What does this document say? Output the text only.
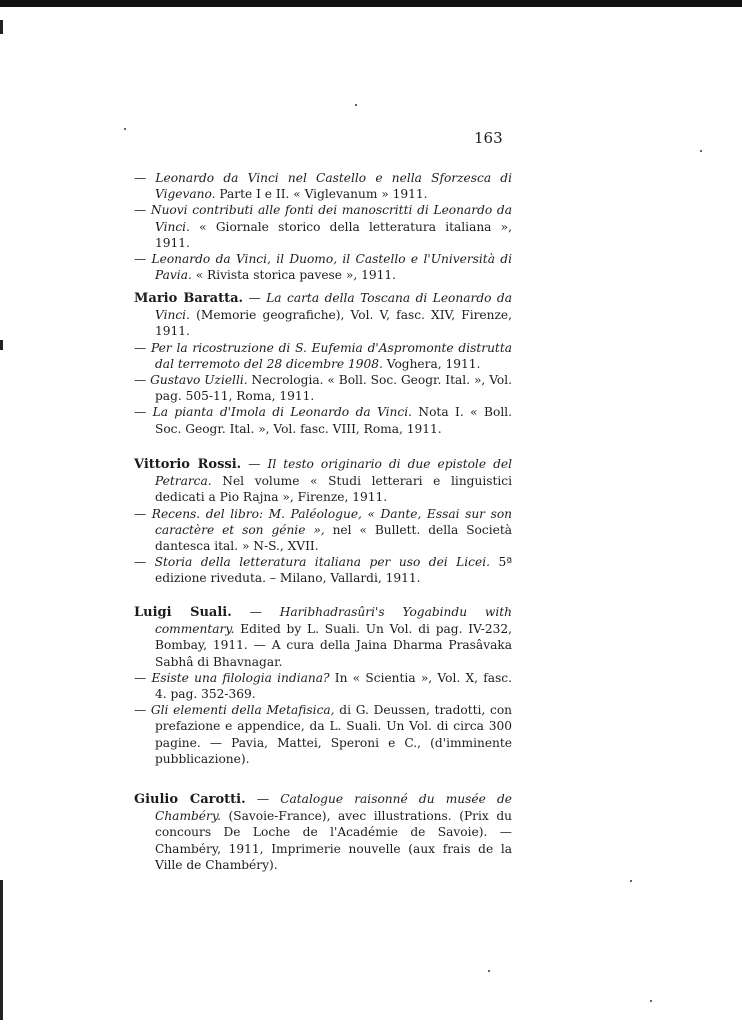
163
— Leonardo da Vinci nel Castello e nella Sforzesca di Vigevano. Parte I e II. « Viglevanum » 1911.
— Nuovi contributi alle fonti dei manoscritti di Leonardo da Vinci. « Giornale storico della letteratura italiana », 1911.
— Leonardo da Vinci, il Duomo, il Castello e l'Università di Pavia. « Rivista storica pavese », 1911.
Mario Baratta. — La carta della Toscana di Leonardo da Vinci. (Memorie geografiche), Vol. V, fasc. XIV, Firenze, 1911.
— Per la ricostruzione di S. Eufemia d'Aspromonte distrutta dal terremoto del 28 dicembre 1908. Voghera, 1911.
— Gustavo Uzielli. Necrologia. « Boll. Soc. Geogr. Ital. », Vol. pag. 505-11, Roma, 1911.
— La pianta d'Imola di Leonardo da Vinci. Nota I. « Boll. Soc. Geogr. Ital. », Vol. fasc. VIII, Roma, 1911.
Vittorio Rossi. — Il testo originario di due epistole del Petrarca. Nel volume « Studi letterari e linguistici dedicati a Pio Rajna », Firenze, 1911.
— Recens. del libro: M. Paléologue, « Dante, Essai sur son caractère et son génie », nel « Bullett. della Società dantesca ital. » N-S., XVII.
— Storia della letteratura italiana per uso dei Licei. 5ª edizione riveduta. – Milano, Vallardi, 1911.
Luigi Suali. — Haribhadrasûri's Yogabindu with commentary. Edited by L. Suali. Un Vol. di pag. IV-232, Bombay, 1911. — A cura della Jaina Dharma Prasâvaka Sabhâ di Bhavnagar.
— Esiste una filologia indiana? In « Scientia », Vol. X, fasc. 4. pag. 352-369.
— Gli elementi della Metafisica, di G. Deussen, tradotti, con prefazione e appendice, da L. Suali. Un Vol. di circa 300 pagine. — Pavia, Mattei, Speroni e C., (d'imminente pubblicazione).
Giulio Carotti. — Catalogue raisonné du musée de Chambéry. (Savoie-France), avec illustrations. (Prix du concours De Loche de l'Académie de Savoie). — Chambéry, 1911, Imprimerie nouvelle (aux frais de la Ville de Chambéry).
